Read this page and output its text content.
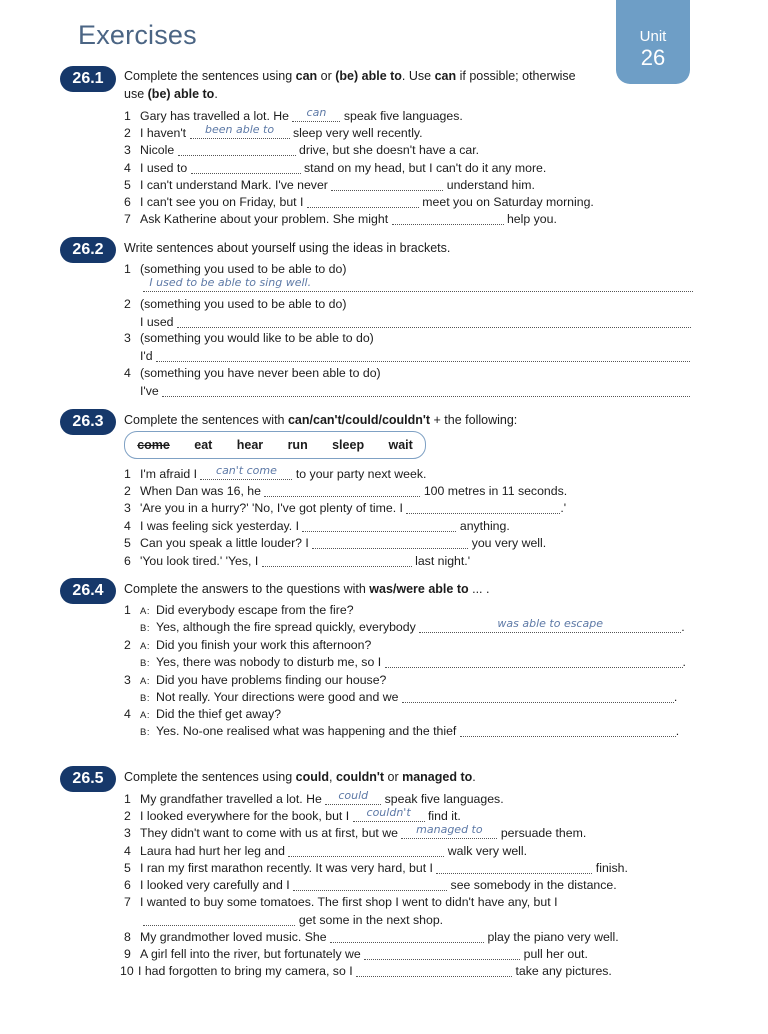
Exercises	Unit
26
26.1	Complete the sentences using can or (be) able to. Use can if possible; otherwise
use (be) able to.
1 Gary has travelled a lot. He	can	speak five languages.
2 I haven't	been able to	sleep very well recently.
3 Nicole	drive, but she doesn't have a car.
4 I used to	stand on my head, but I can't do it any more.
5 I can't understand Mark. I've never	understand him.
6 I can't see you on Friday, but I	meet you on Saturday morning.
7 Ask Katherine about your problem. She might	help you.
26.2	Write sentences about yourself using the ideas in brackets.
1 (something you used to be able to do)

I used to be able to sing well.
2 (something you used to be able to do)
I used
3 (something you would like to be able to do)
I'd
4 (something you have never been able to do)
I've
26.3	Complete the sentences with can/can't/could/couldn't + the following:
come eat hear run sleep wait
1 I'm afraid I	can't come	to your party next week.
2 When Dan was 16, he	100 metres in 11 seconds.
3 'Are you in a hurry?' 'No, I've got plenty of time. I	.'
4 I was feeling sick yesterday. I	anything.
5 Can you speak a little louder? I	you very well.
6 'You look tired.' 'Yes, I	last night.'
26.4	Complete the answers to the questions with was/were able to ... .
1 A: Did everybody escape from the fire?
B: Yes, although the fire spread quickly, everybody	was able to escape	.
2 A: Did you finish your work this afternoon?
B: Yes, there was nobody to disturb me, so I	.
3 A: Did you have problems finding our house?
B: Not really. Your directions were good and we	.
4 A: Did the thief get away?
B: Yes. No-one realised what was happening and the thief	.
26.5	Complete the sentences using could, couldn't or managed to.
1 My grandfather travelled a lot. He	could	speak five languages.
2 I looked everywhere for the book, but I	couldn't	find it.
3 They didn't want to come with us at first, but we	managed to	persuade them.
4 Laura had hurt her leg and	walk very well.
5 I ran my first marathon recently. It was very hard, but I	finish.
6 I looked very carefully and I	see somebody in the distance.
7 I wanted to buy some tomatoes. The first shop I went to didn't have any, but I

get some in the next shop.
8 My grandmother loved music. She	play the piano very well.
9 A girl fell into the river, but fortunately we	pull her out.
10 I had forgotten to bring my camera, so I	take any pictures.
